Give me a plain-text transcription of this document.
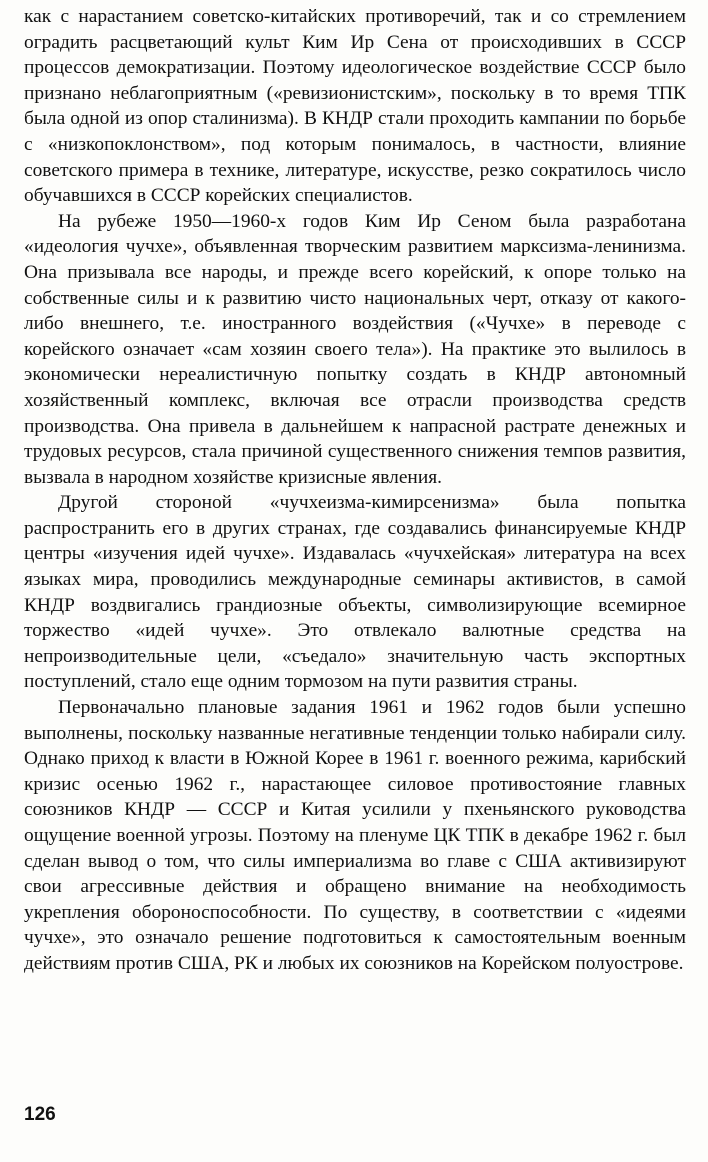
как с нарастанием советско-китайских противоречий, так и со стремлением оградить расцветающий культ Ким Ир Сена от происходивших в СССР процессов демократизации. Поэтому идеологическое воздействие СССР было признано неблагоприятным («ревизионистским», поскольку в то время ТПК была одной из опор сталинизма). В КНДР стали проходить кампании по борьбе с «низкопоклонством», под которым понималось, в частности, влияние советского примера в технике, литературе, искусстве, резко сократилось число обучавшихся в СССР корейских специалистов.

На рубеже 1950—1960-х годов Ким Ир Сеном была разработана «идеология чучхе», объявленная творческим развитием марксизма-ленинизма. Она призывала все народы, и прежде всего корейский, к опоре только на собственные силы и к развитию чисто национальных черт, отказу от какого-либо внешнего, т.е. иностранного воздействия («Чучхе» в переводе с корейского означает «сам хозяин своего тела»). На практике это вылилось в экономически нереалистичную попытку создать в КНДР автономный хозяйственный комплекс, включая все отрасли производства средств производства. Она привела в дальнейшем к напрасной растрате денежных и трудовых ресурсов, стала причиной существенного снижения темпов развития, вызвала в народном хозяйстве кризисные явления.

Другой стороной «чучхеизма-кимирсенизма» была попытка распространить его в других странах, где создавались финансируемые КНДР центры «изучения идей чучхе». Издавалась «чучхейская» литература на всех языках мира, проводились международные семинары активистов, в самой КНДР воздвигались грандиозные объекты, символизирующие всемирное торжество «идей чучхе». Это отвлекало валютные средства на непроизводительные цели, «съедало» значительную часть экспортных поступлений, стало еще одним тормозом на пути развития страны.

Первоначально плановые задания 1961 и 1962 годов были успешно выполнены, поскольку названные негативные тенденции только набирали силу. Однако приход к власти в Южной Корее в 1961 г. военного режима, карибский кризис осенью 1962 г., нарастающее силовое противостояние главных союзников КНДР — СССР и Китая усилили у пхеньянского руководства ощущение военной угрозы. Поэтому на пленуме ЦК ТПК в декабре 1962 г. был сделан вывод о том, что силы империализма во главе с США активизируют свои агрессивные действия и обращено внимание на необходимость укрепления обороноспособности. По существу, в соответствии с «идеями чучхе», это означало решение подготовиться к самостоятельным военным действиям против США, РК и любых их союзников на Корейском полуострове.

126
